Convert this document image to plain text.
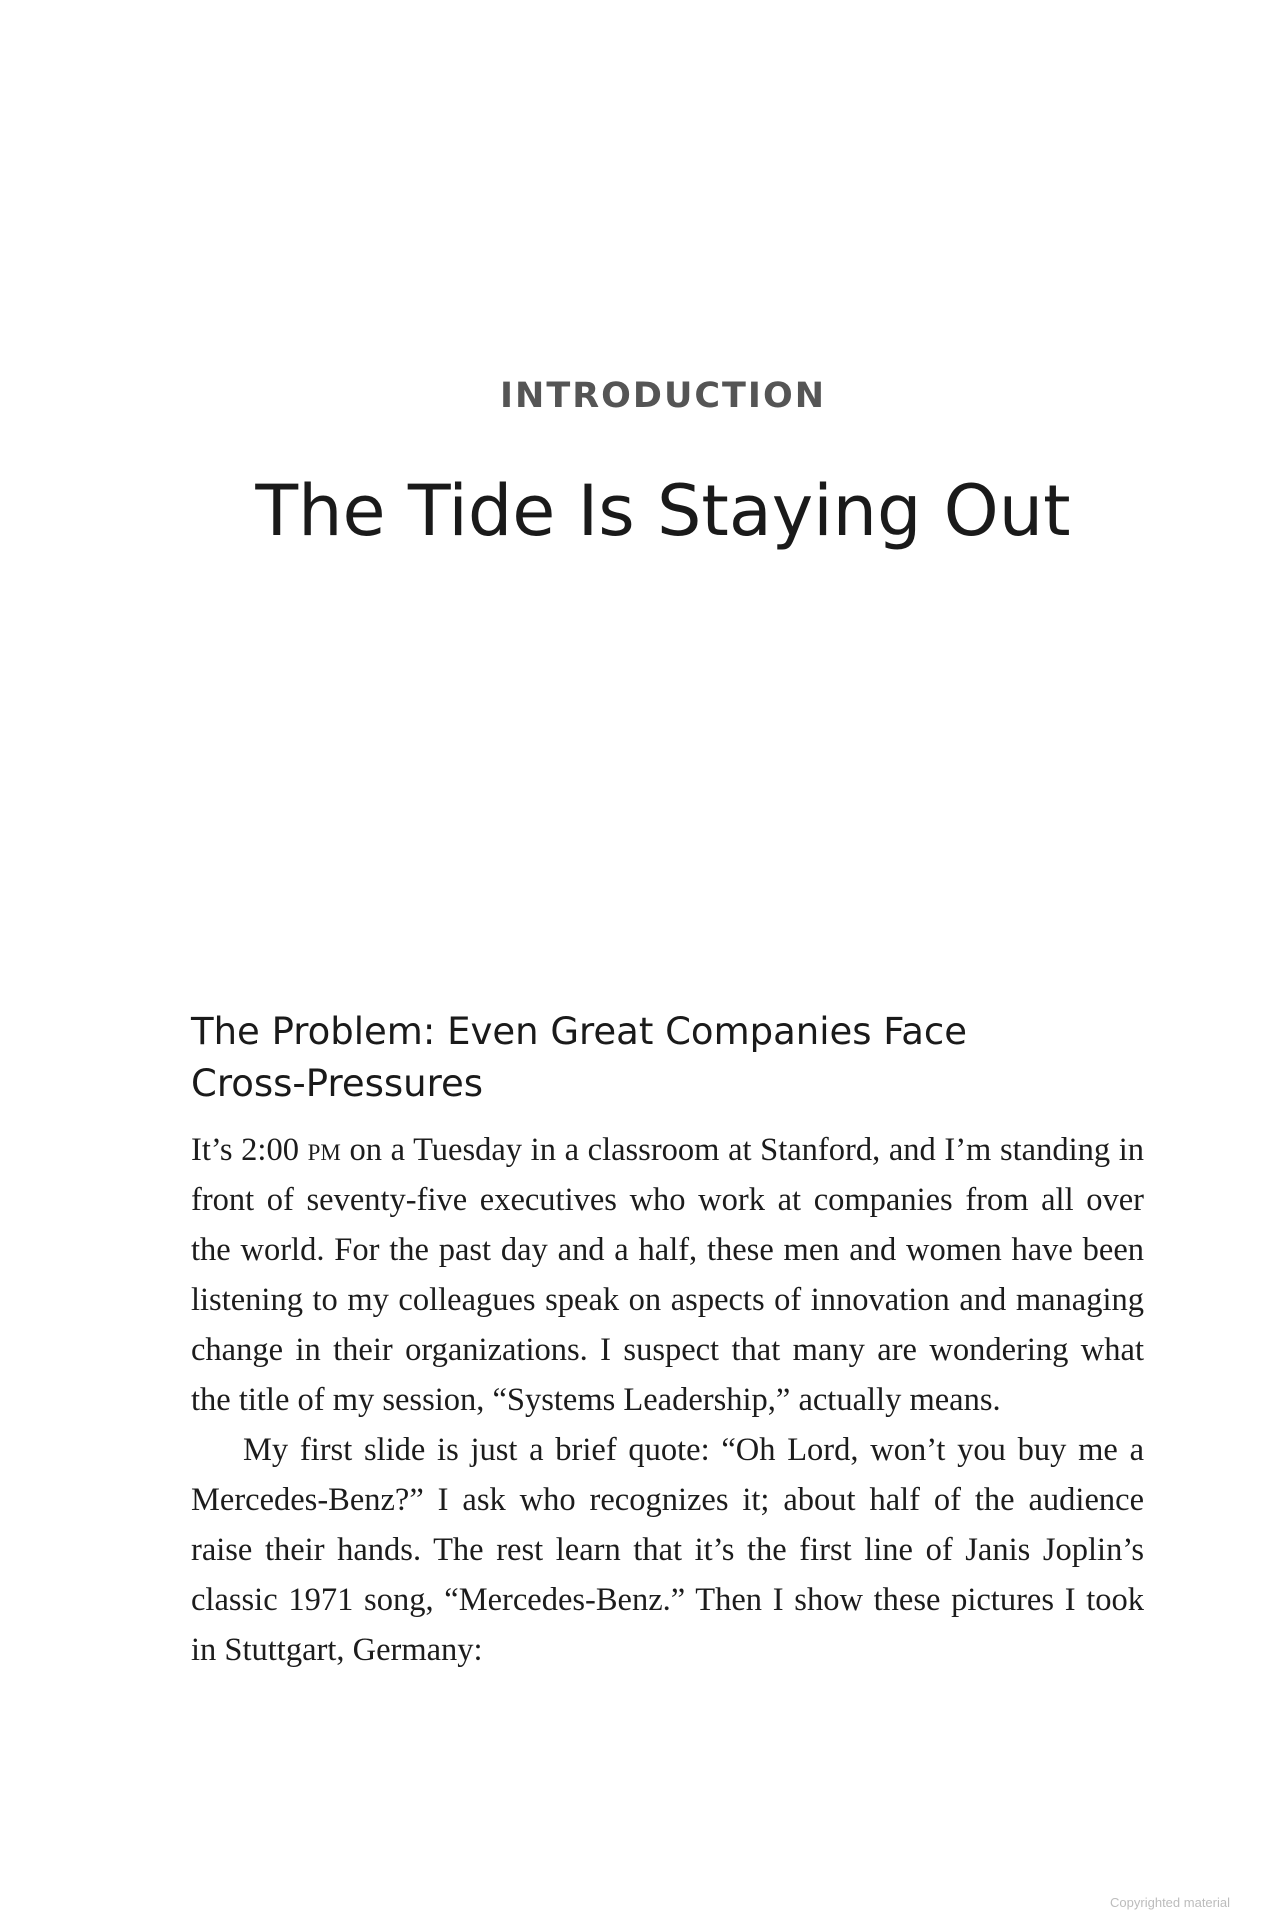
INTRODUCTION
The Tide Is Staying Out
The Problem: Even Great Companies Face
Cross-Pressures

It’s 2:00 pm on a Tuesday in a classroom at Stanford, and I’m standing in front of seventy-five executives who work at companies from all over the world. For the past day and a half, these men and women have been listening to my colleagues speak on aspects of innovation and managing change in their organizations. I suspect that many are wondering what the title of my session, “Systems Leadership,” actually means.

My first slide is just a brief quote: “Oh Lord, won’t you buy me a Mercedes-Benz?” I ask who recognizes it; about half of the audience raise their hands. The rest learn that it’s the first line of Janis Joplin’s classic 1971 song, “Mercedes-Benz.” Then I show these pictures I took in Stuttgart, Germany:

Copyrighted material
